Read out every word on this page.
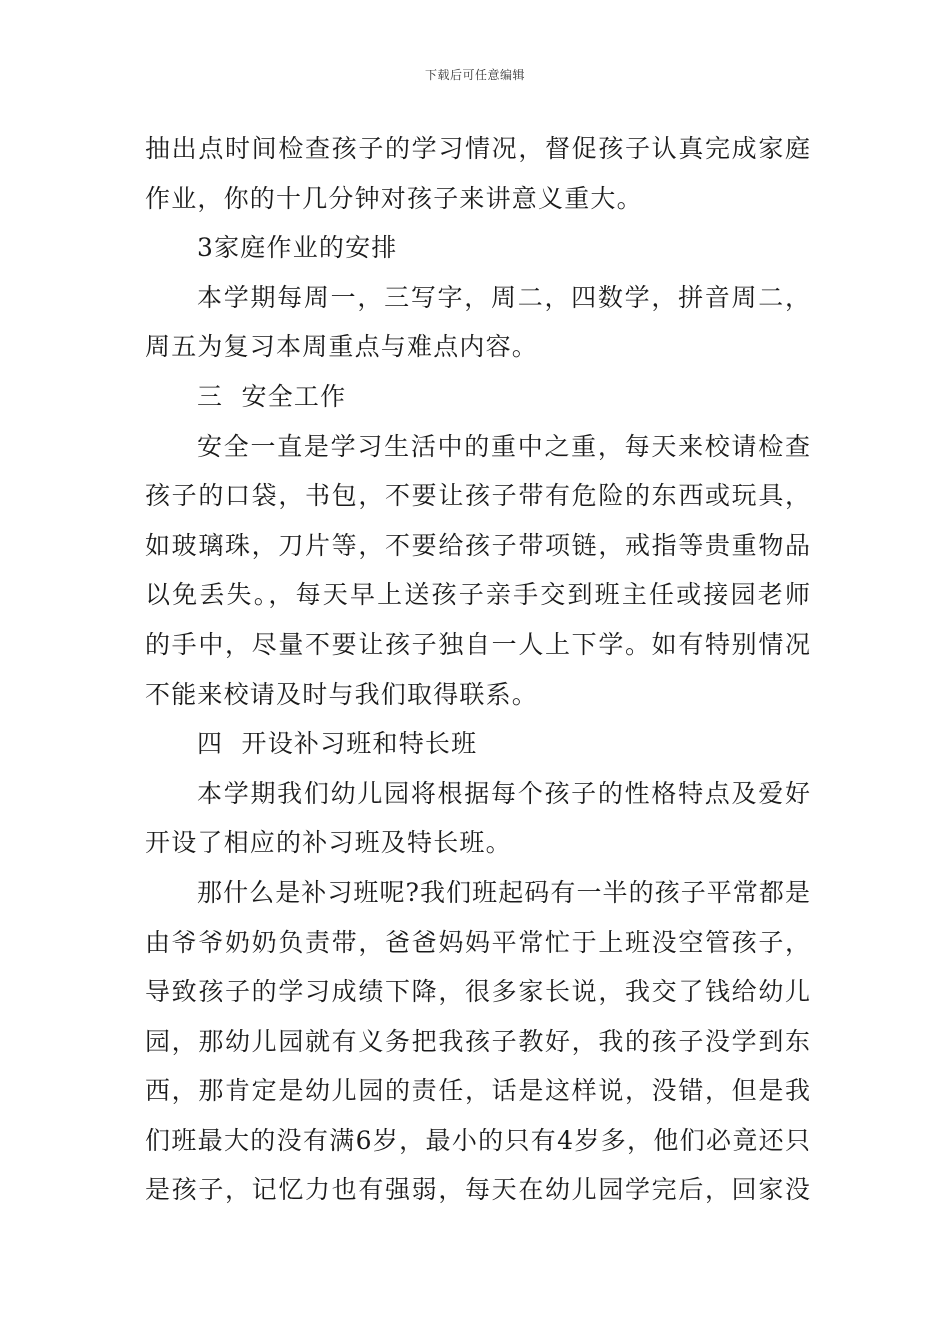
下载后可任意编辑
抽出点时间检查孩子的学习情况，督促孩子认真完成家庭
作业，你的十几分钟对孩子来讲意义重大。
3家庭作业的安排
本学期每周一，三写字，周二，四数学，拼音周二，
周五为复习本周重点与难点内容。
三  安全工作
安全一直是学习生活中的重中之重，每天来校请检查
孩子的口袋，书包，不要让孩子带有危险的东西或玩具，
如玻璃珠，刀片等，不要给孩子带项链，戒指等贵重物品
以免丢失。，每天早上送孩子亲手交到班主任或接园老师
的手中，尽量不要让孩子独自一人上下学。如有特别情况
不能来校请及时与我们取得联系。
四  开设补习班和特长班
本学期我们幼儿园将根据每个孩子的性格特点及爱好
开设了相应的补习班及特长班。
那什么是补习班呢?我们班起码有一半的孩子平常都是
由爷爷奶奶负责带，爸爸妈妈平常忙于上班没空管孩子，
导致孩子的学习成绩下降，很多家长说，我交了钱给幼儿
园，那幼儿园就有义务把我孩子教好，我的孩子没学到东
西，那肯定是幼儿园的责任，话是这样说，没错，但是我
们班最大的没有满6岁，最小的只有4岁多，他们必竟还只
是孩子，记忆力也有强弱，每天在幼儿园学完后，回家没
